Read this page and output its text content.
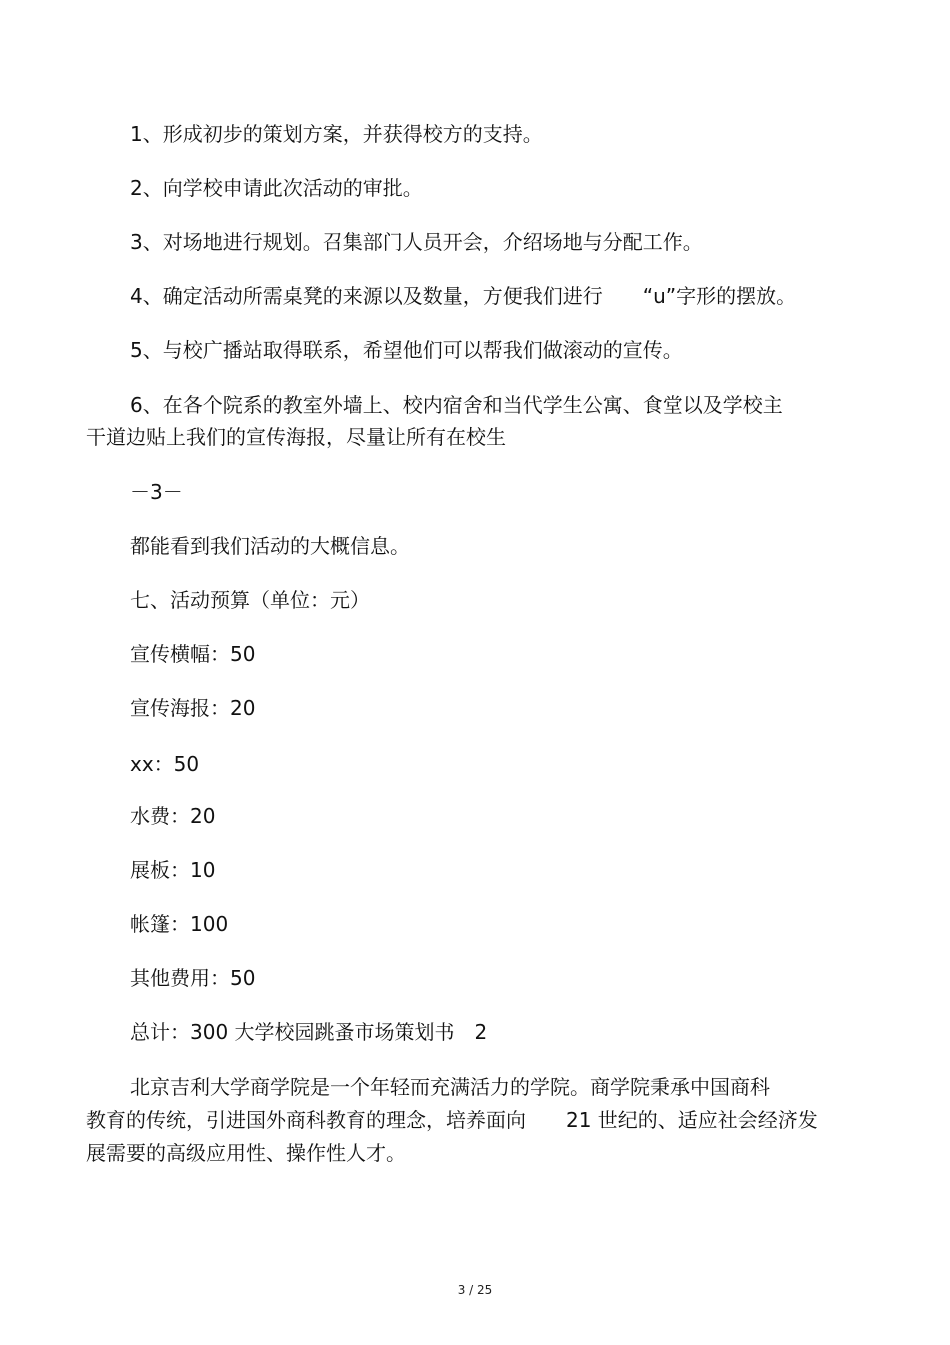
1、形成初步的策划方案，并获得校方的支持。
2、向学校申请此次活动的审批。
3、对场地进行规划。召集部门人员开会，介绍场地与分配工作。
4、确定活动所需桌凳的来源以及数量，方便我们进行　　“u”字形的摆放。
5、与校广播站取得联系，希望他们可以帮我们做滚动的宣传。
6、在各个院系的教室外墙上、校内宿舍和当代学生公寓、食堂以及学校主
干道边贴上我们的宣传海报，尽量让所有在校生
－3－
都能看到我们活动的大概信息。
七、活动预算（单位：元）
宣传横幅：50
宣传海报：20
xx：50
水费：20
展板：10
帐篷：100
其他费用：50
总计：300 大学校园跳蚤市场策划书　2
北京吉利大学商学院是一个年轻而充满活力的学院。商学院秉承中国商科
教育的传统，引进国外商科教育的理念，培养面向　　21 世纪的、适应社会经济发
展需要的高级应用性、操作性人才。
3 / 25
